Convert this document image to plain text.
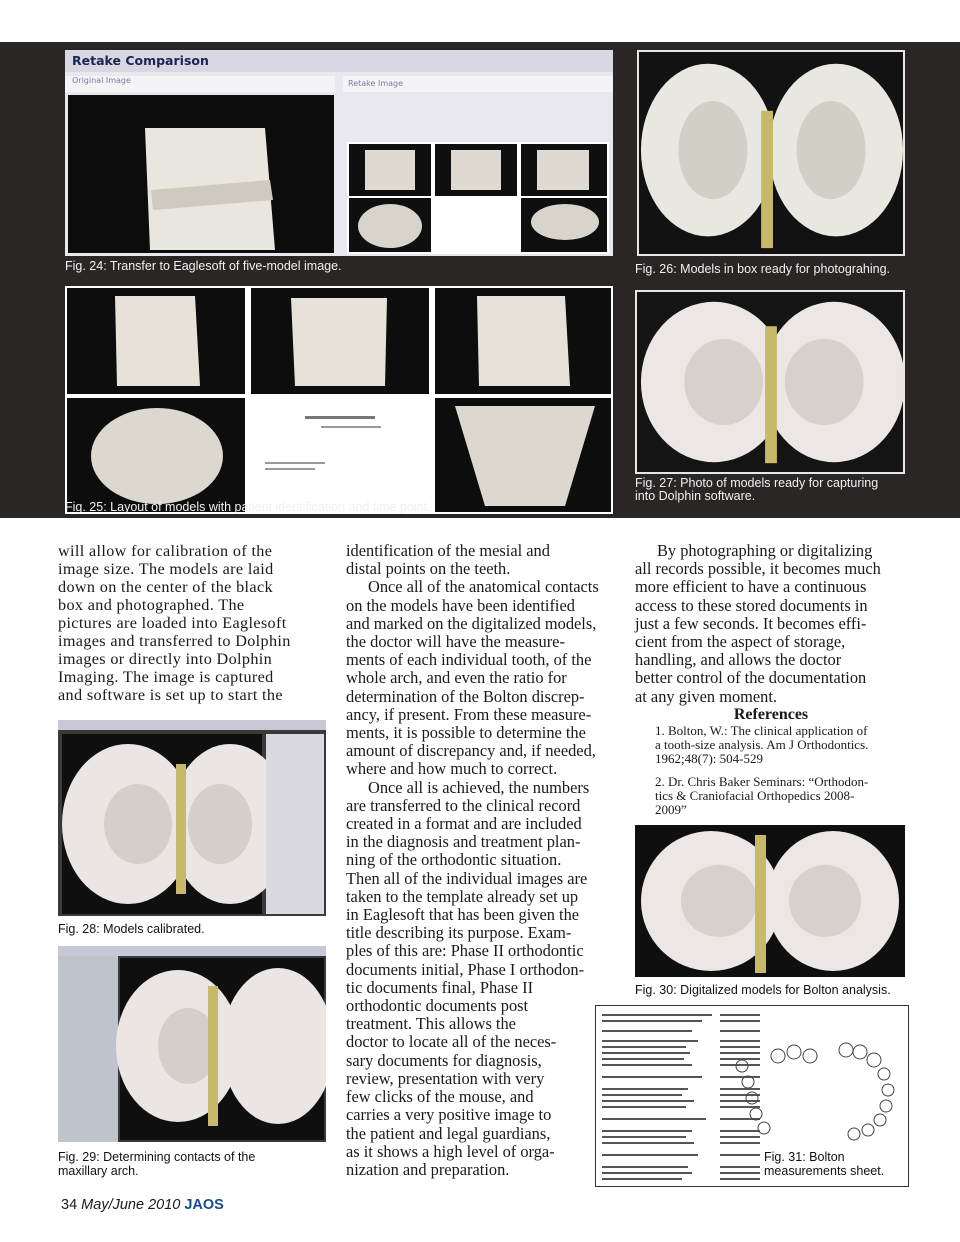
Retake Comparison
Original Image	Retake Image
Fig. 24: Transfer to Eaglesoft of five-model image.	Fig. 26: Models in box ready for photograhing.
Fig. 25: Layout of models with patient identification and time point.
Fig. 27: Photo of models ready for capturing
into Dolphin software.
will allow for calibration of the
image size. The models are laid
down on the center of the black
box and photographed. The
pictures are loaded into Eaglesoft
images and transferred to Dolphin
images or directly into Dolphin
Imaging. The image is captured
and software is set up to start the
Fig. 28: Models calibrated.
Fig. 29: Determining contacts of the
maxillary arch.
identification of the mesial and
distal points on the teeth.
Once all of the anatomical contacts
on the models have been identified
and marked on the digitalized models,
the doctor will have the measure-
ments of each individual tooth, of the
whole arch, and even the ratio for
determination of the Bolton discrep-
ancy, if present. From these measure-
ments, it is possible to determine the
amount of discrepancy and, if needed,
where and how much to correct.
Once all is achieved, the numbers
are transferred to the clinical record
created in a format and are included
in the diagnosis and treatment plan-
ning of the orthodontic situation.
Then all of the individual images are
taken to the template already set up
in Eaglesoft that has been given the
title describing its purpose. Exam-
ples of this are: Phase II orthodontic
documents initial, Phase I orthodon-
tic documents final, Phase II
orthodontic documents post
treatment. This allows the
doctor to locate all of the neces-
sary documents for diagnosis,
review, presentation with very
few clicks of the mouse, and
carries a very positive image to
the patient and legal guardians,
as it shows a high level of orga-
nization and preparation.
By photographing or digitalizing
all records possible, it becomes much
more efficient to have a continuous
access to these stored documents in
just a few seconds. It becomes effi-
cient from the aspect of storage,
handling, and allows the doctor
better control of the documentation
at any given moment.
References
1. Bolton, W.: The clinical application of
a tooth-size analysis. Am J Orthodontics.
1962;48(7): 504-529
2. Dr. Chris Baker Seminars: “Orthodon-
tics & Craniofacial Orthopedics 2008-
2009”
Fig. 30: Digitalized models for Bolton analysis.
Fig. 31: Bolton
measurements sheet.
34 May/June 2010 JAOS
